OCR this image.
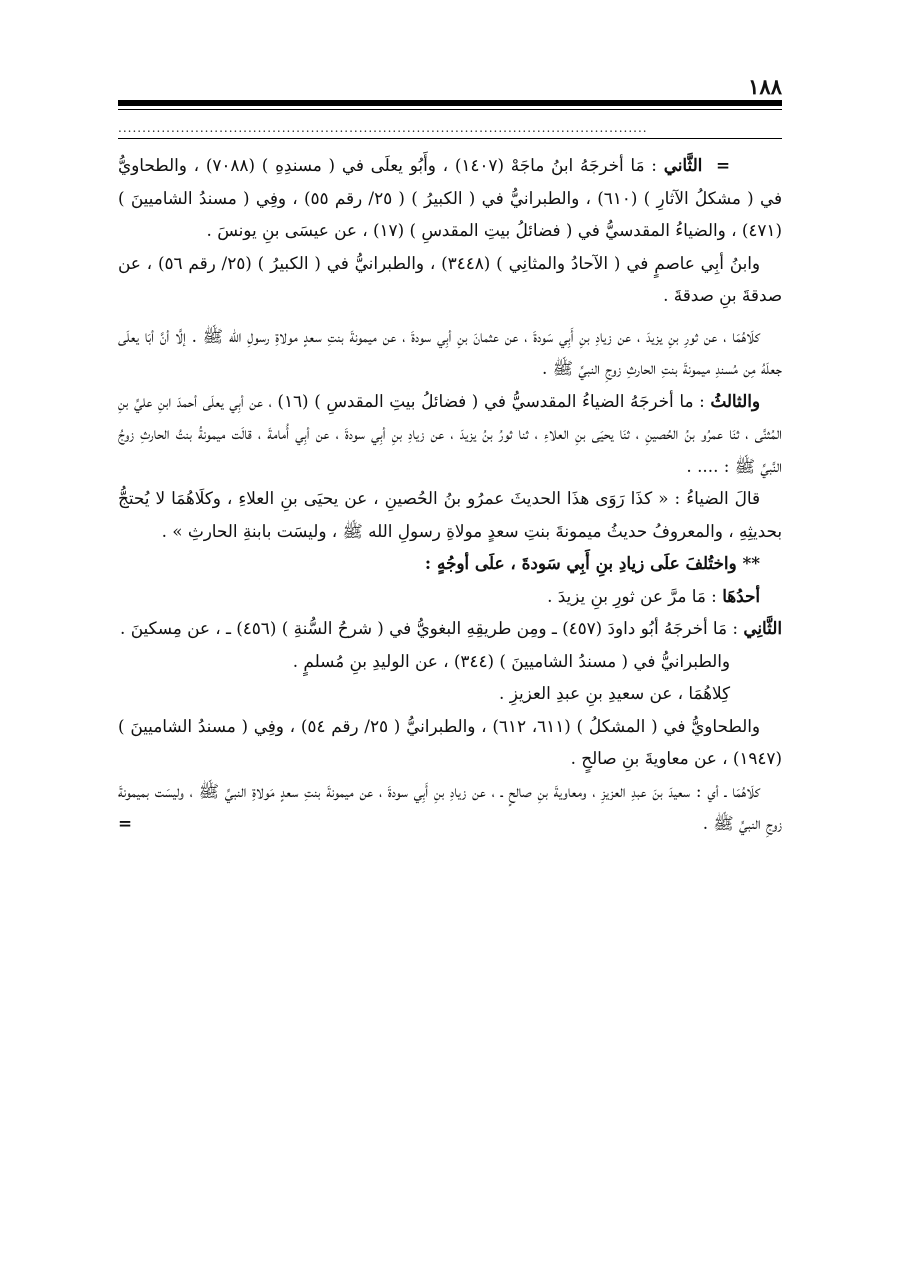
١٨٨
..............................................................................................................

=  الثَّاني : مَا أخرجَهُ ابنُ ماجَهْ (١٤٠٧) ، وأَبُو يعلَى في ( مسندِهِ ) (٧٠٨٨) ، والطحاويُّ في ( مشكلُ الآثارِ ) (٦١٠) ، والطبرانيُّ في ( الكبيرُ ) ( ٢٥/ رقم ٥٥) ، وفِي ( مسندُ الشاميينَ ) (٤٧١) ، والضياءُ المقدسيُّ في ( فضائلُ بيتِ المقدسِ ) (١٧) ، عن عيسَى بنِ يونسَ .

وابنُ أبِي عاصمٍ في ( الآحادُ والمثانِي ) (٣٤٤٨) ، والطبرانيُّ في ( الكبيرُ ) (٢٥/ رقم ٥٦) ، عن صدقةَ بنِ صدقةَ .

كلَاهُمَا ، عن ثورِ بنِ يزيدَ ، عن زيادِ بنِ أَبِي سَودةَ ، عن عثمانَ بنِ أبِي سودةَ ، عن ميمونةَ بنتِ سعدٍ مولاةِ رسولِ الله ﷺ . إلَّا أنَّ أبَا يعلَى جعلَهُ مِن مُسندِ ميمونةَ بنتِ الحارثِ زوجِ النبيِّ ﷺ .

والثالثُ : ما أخرجَهُ الضياءُ المقدسيُّ في ( فضائلُ بيتِ المقدسِ ) (١٦) ، عن أبِي يعلَى أحمدَ ابنِ عليِّ بنِ المُثنَّى ، ثنَا عمرُو بنُ الحُصينِ ، ثنَا يحيَى بنِ العلاءِ ، ثنا ثورُ بنُ يزيدَ ، عن زيادِ بنِ أبِي سودةَ ، عن أبِي أُمامةَ ، قالَت ميمونةُ بنتُ الحارثِ زوجُ النَّبيِّ ﷺ : .... .

قالَ الضياءُ : « كذَا رَوَى هذَا الحديثَ عمرُو بنُ الحُصينِ ، عن يحيَى بنِ العلاءِ ، وكلَاهُمَا لا يُحتجُّ بحديثِهِ ، والمعروفُ حديثُ ميمونةَ بنتِ سعدٍ مولاةِ رسولِ الله ﷺ ، وليسَت بابنةِ الحارثِ » .

** واختُلفَ علَى زيادِ بنِ أَبِي سَودةَ ، علَى أوجُهٍ :

أحدُهَا : مَا مرَّ عن ثورِ بنِ يزيدَ .

الثَّانِي : مَا أخرجَهُ أبُو داودَ (٤٥٧) ـ ومِن طريقِهِ البغويُّ في ( شرحُ السُّنةِ ) (٤٥٦) ـ ، عن مِسكينَ .

والطبرانيُّ في ( مسندُ الشاميينَ ) (٣٤٤) ، عن الوليدِ بنِ مُسلمٍ .

كِلاهُمَا ، عن سعيدِ بنِ عبدِ العزيزِ .

والطحاويُّ في ( المشكلُ ) (٦١١، ٦١٢) ، والطبرانيُّ ( ٢٥/ رقم ٥٤) ، وفِي ( مسندُ الشاميينَ ) (١٩٤٧) ، عن معاويةَ بنِ صالحٍ .

كلَاهُمَا ـ أي : سعيدَ بنَ عبدِ العزيزِ ، ومعاويةَ بنِ صالحٍ ـ ، عن زيادِ بنِ أَبِي سودةَ ، عن ميمونةَ بنتِ سعدٍ مَولاةِ النبيِّ ﷺ ، وليسَت بميمونةَ زوجِ النبيِّ ﷺ .
=
